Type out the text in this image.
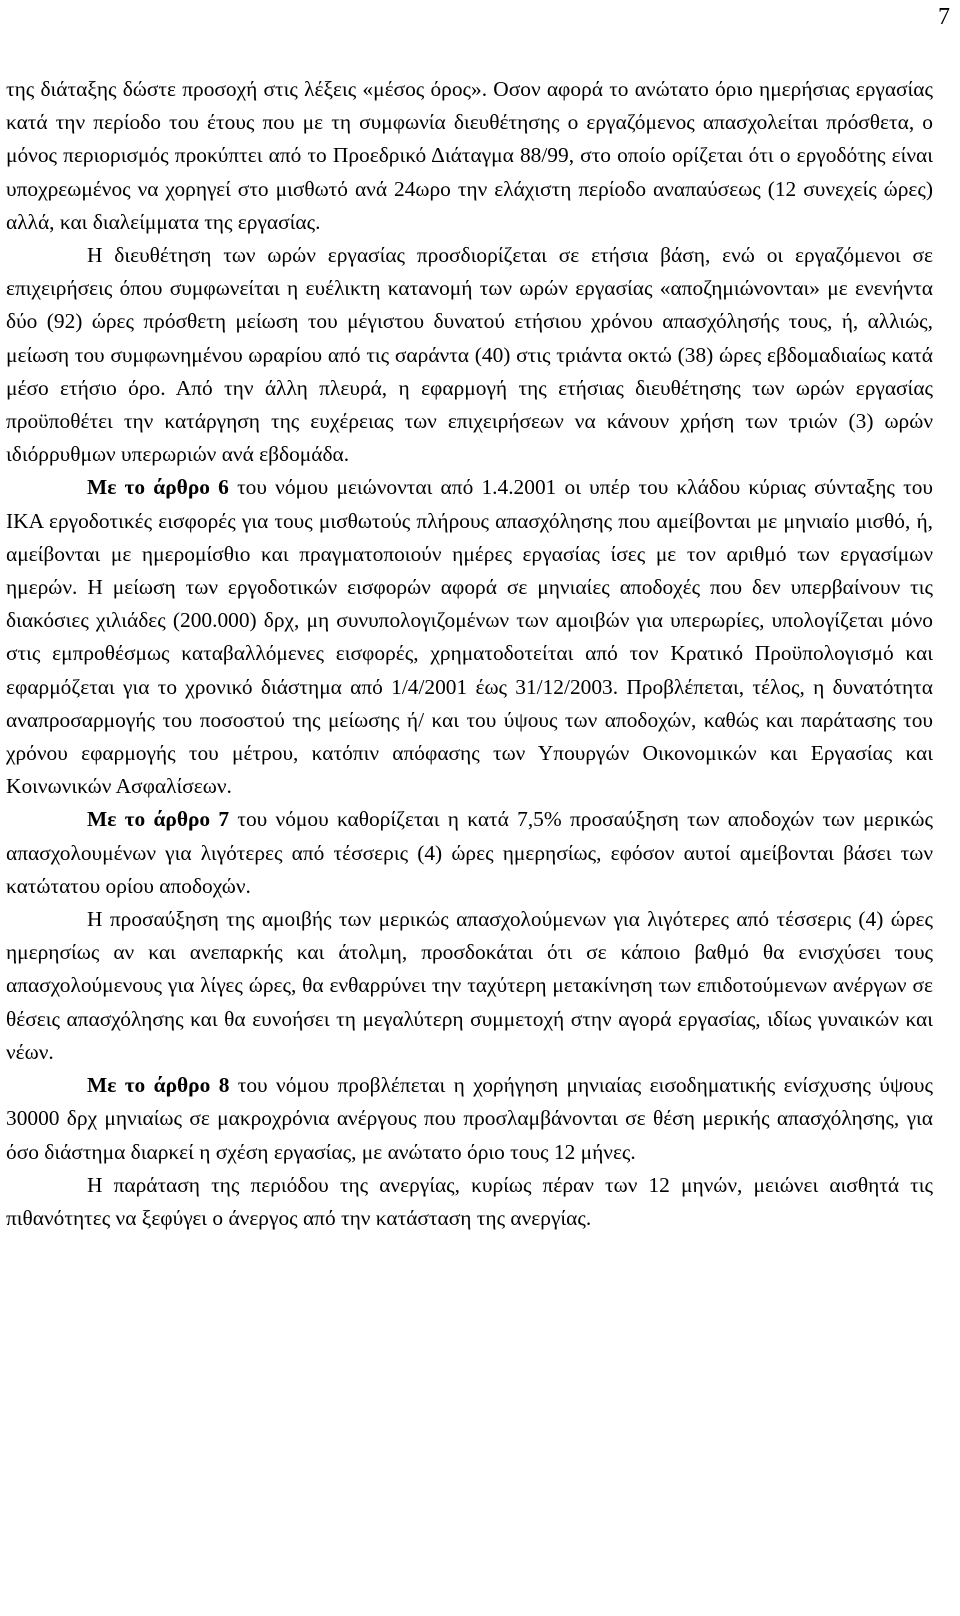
7

της διάταξης δώστε προσοχή στις λέξεις «μέσος όρος». Οσον αφορά το ανώτατο όριο ημερήσιας εργασίας κατά την περίοδο του έτους που με τη συμφωνία διευθέτησης ο εργαζόμενος απασχολείται πρόσθετα, ο μόνος περιορισμός προκύπτει από το Προεδρικό Διάταγμα 88/99, στο οποίο ορίζεται ότι ο εργοδότης είναι υποχρεωμένος να χορηγεί στο μισθωτό ανά 24ωρο την ελάχιστη περίοδο αναπαύσεως (12 συνεχείς ώρες) αλλά, και διαλείμματα της εργασίας.

Η διευθέτηση των ωρών εργασίας προσδιορίζεται σε ετήσια βάση, ενώ οι εργαζόμενοι σε επιχειρήσεις όπου συμφωνείται η ευέλικτη κατανομή των ωρών εργασίας «αποζημιώνονται» με ενενήντα δύο (92) ώρες πρόσθετη μείωση του μέγιστου δυνατού ετήσιου χρόνου απασχόλησής τους, ή, αλλιώς, μείωση του συμφωνημένου ωραρίου από τις σαράντα (40) στις τριάντα οκτώ (38) ώρες εβδομαδιαίως κατά μέσο ετήσιο όρο. Από την άλλη πλευρά, η εφαρμογή της ετήσιας διευθέτησης των ωρών εργασίας προϋποθέτει την κατάργηση της ευχέρειας των επιχειρήσεων να κάνουν χρήση των τριών (3) ωρών ιδιόρρυθμων υπερωριών ανά εβδομάδα.

Με το άρθρο 6 του νόμου μειώνονται από 1.4.2001 οι υπέρ του κλάδου κύριας σύνταξης του ΙΚΑ εργοδοτικές εισφορές για τους μισθωτούς πλήρους απασχόλησης που αμείβονται με μηνιαίο μισθό, ή, αμείβονται με ημερομίσθιο και πραγματοποιούν ημέρες εργασίας ίσες με τον αριθμό των εργασίμων ημερών. Η μείωση των εργοδοτικών εισφορών αφορά σε μηνιαίες αποδοχές που δεν υπερβαίνουν τις διακόσιες χιλιάδες (200.000) δρχ, μη συνυπολογιζομένων των αμοιβών για υπερωρίες, υπολογίζεται μόνο στις εμπροθέσμως καταβαλλόμενες εισφορές, χρηματοδοτείται από τον Κρατικό Προϋπολογισμό και εφαρμόζεται για το χρονικό διάστημα από 1/4/2001 έως 31/12/2003. Προβλέπεται, τέλος, η δυνατότητα αναπροσαρμογής του ποσοστού της μείωσης ή/ και του ύψους των αποδοχών, καθώς και παράτασης του χρόνου εφαρμογής του μέτρου, κατόπιν απόφασης των Υπουργών Οικονομικών και Εργασίας και Κοινωνικών Ασφαλίσεων.

Με το άρθρο 7 του νόμου καθορίζεται η κατά 7,5% προσαύξηση των αποδοχών των μερικώς απασχολουμένων για λιγότερες από τέσσερις (4) ώρες ημερησίως, εφόσον αυτοί αμείβονται βάσει των κατώτατου ορίου αποδοχών.

Η προσαύξηση της αμοιβής των μερικώς απασχολούμενων για λιγότερες από τέσσερις (4) ώρες ημερησίως αν και ανεπαρκής και άτολμη, προσδοκάται ότι σε κάποιο βαθμό θα ενισχύσει τους απασχολούμενους για λίγες ώρες, θα ενθαρρύνει την ταχύτερη μετακίνηση των επιδοτούμενων ανέργων σε θέσεις απασχόλησης και θα ευνοήσει τη μεγαλύτερη συμμετοχή στην αγορά εργασίας, ιδίως γυναικών και νέων.

Με το άρθρο 8 του νόμου προβλέπεται η χορήγηση μηνιαίας εισοδηματικής ενίσχυσης ύψους 30000 δρχ μηνιαίως σε μακροχρόνια ανέργους που προσλαμβάνονται σε θέση μερικής απασχόλησης, για όσο διάστημα διαρκεί η σχέση εργασίας, με ανώτατο όριο τους 12 μήνες.

Η παράταση της περιόδου της ανεργίας, κυρίως πέραν των 12 μηνών, μειώνει αισθητά τις πιθανότητες να ξεφύγει ο άνεργος από την κατάσταση της ανεργίας.
